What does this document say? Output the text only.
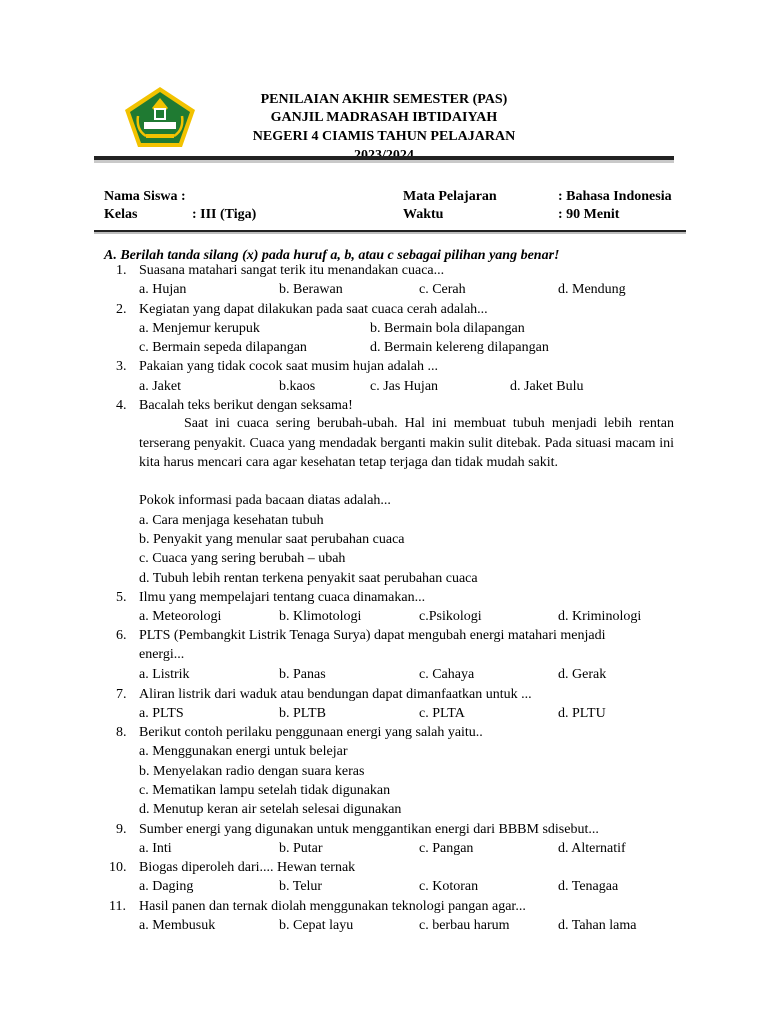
PENILAIAN AKHIR SEMESTER (PAS)
GANJIL MADRASAH IBTIDAIYAH
NEGERI 4 CIAMIS TAHUN PELAJARAN
Nama Siswa :
Kelas	: III (Tiga)
Mata Pelajaran	: Bahasa Indonesia
Waktu	: 90 Menit
A. Berilah tanda silang (x) pada huruf a, b, atau c sebagai pilihan yang benar!
1. Suasana matahari sangat terik itu menandakan cuaca...
a. Hujan	b. Berawan	c. Cerah	d. Mendung
2. Kegiatan yang dapat dilakukan pada saat cuaca cerah adalah...
a. Menjemur kerupuk	b. Bermain bola dilapangan
c. Bermain sepeda dilapangan	d. Bermain kelereng dilapangan
3. Pakaian yang tidak cocok saat musim hujan adalah ...
a. Jaket	b.kaos	c. Jas Hujan	d. Jaket Bulu
4. Bacalah teks berikut dengan seksama!
Saat ini cuaca sering berubah-ubah. Hal ini membuat tubuh menjadi lebih rentan terserang penyakit. Cuaca yang mendadak berganti makin sulit ditebak. Pada situasi macam ini kita harus mencari cara agar kesehatan tetap terjaga dan tidak mudah sakit.
Pokok informasi pada bacaan diatas adalah...
a. Cara menjaga kesehatan tubuh
b. Penyakit yang menular saat perubahan cuaca
c. Cuaca yang sering berubah – ubah
d. Tubuh lebih rentan terkena penyakit saat perubahan cuaca
5. Ilmu yang mempelajari tentang cuaca dinamakan...
a. Meteorologi	b. Klimotologi	c.Psikologi	d. Kriminologi
6. PLTS (Pembangkit Listrik Tenaga Surya) dapat mengubah energi matahari menjadi
energi...
a. Listrik	b. Panas	c. Cahaya	d. Gerak
7. Aliran listrik dari waduk atau bendungan dapat dimanfaatkan untuk ...
a. PLTS	b. PLTB	c. PLTA	d. PLTU
8. Berikut contoh perilaku penggunaan energi yang salah yaitu..
a. Menggunakan energi untuk belejar
b. Menyelakan radio dengan suara keras
c. Mematikan lampu setelah tidak digunakan
d. Menutup keran air setelah selesai digunakan
9. Sumber energi yang digunakan untuk menggantikan energi dari BBBM sdisebut...
a. Inti	b. Putar	c. Pangan	d. Alternatif
10. Biogas diperoleh dari.... Hewan ternak
a. Daging	b. Telur	c. Kotoran	d. Tenagaa
11. Hasil panen dan ternak diolah menggunakan teknologi pangan agar...
a. Membusuk	b. Cepat layu	c. berbau harum	d. Tahan lama
